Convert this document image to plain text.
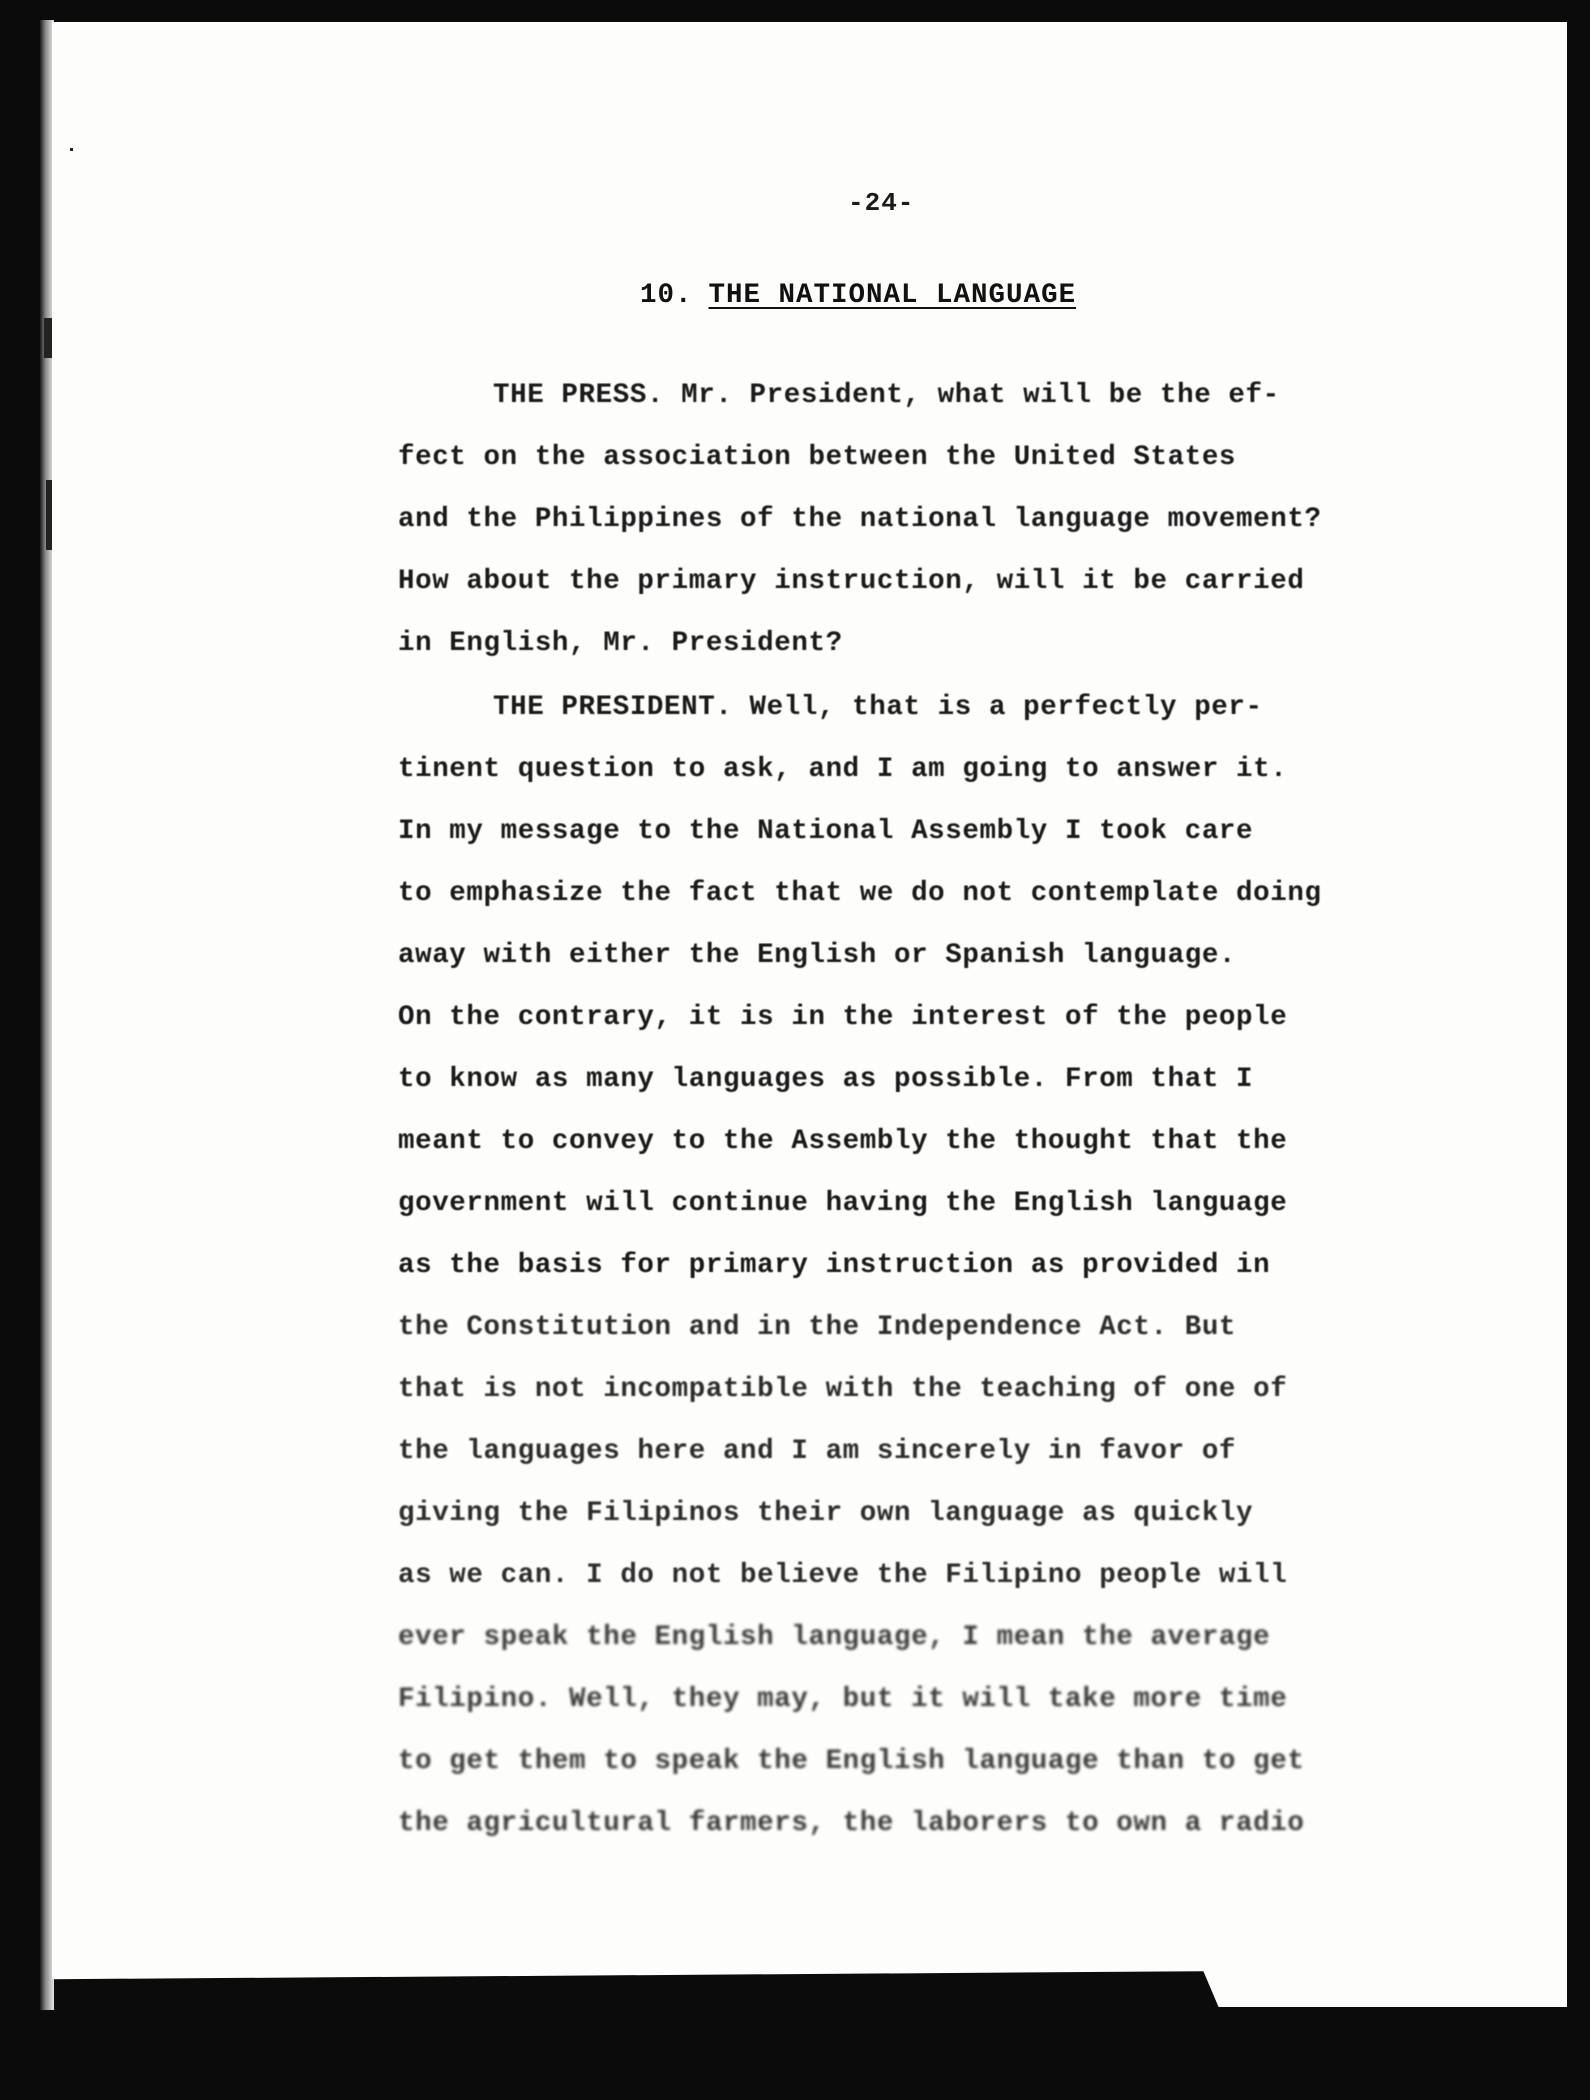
-24-
10. THE NATIONAL LANGUAGE
THE PRESS. Mr. President, what will be the ef-
fect on the association between the United States
and the Philippines of the national language movement?
How about the primary instruction, will it be carried
in English, Mr. President?
THE PRESIDENT. Well, that is a perfectly per-
tinent question to ask, and I am going to answer it.
In my message to the National Assembly I took care
to emphasize the fact that we do not contemplate doing
away with either the English or Spanish language.
On the contrary, it is in the interest of the people
to know as many languages as possible. From that I
meant to convey to the Assembly the thought that the
government will continue having the English language
as the basis for primary instruction as provided in
the Constitution and in the Independence Act. But
that is not incompatible with the teaching of one of
the languages here and I am sincerely in favor of
giving the Filipinos their own language as quickly
as we can. I do not believe the Filipino people will
ever speak the English language, I mean the average
Filipino. Well, they may, but it will take more time
to get them to speak the English language than to get
the agricultural farmers, the laborers to own a radio
